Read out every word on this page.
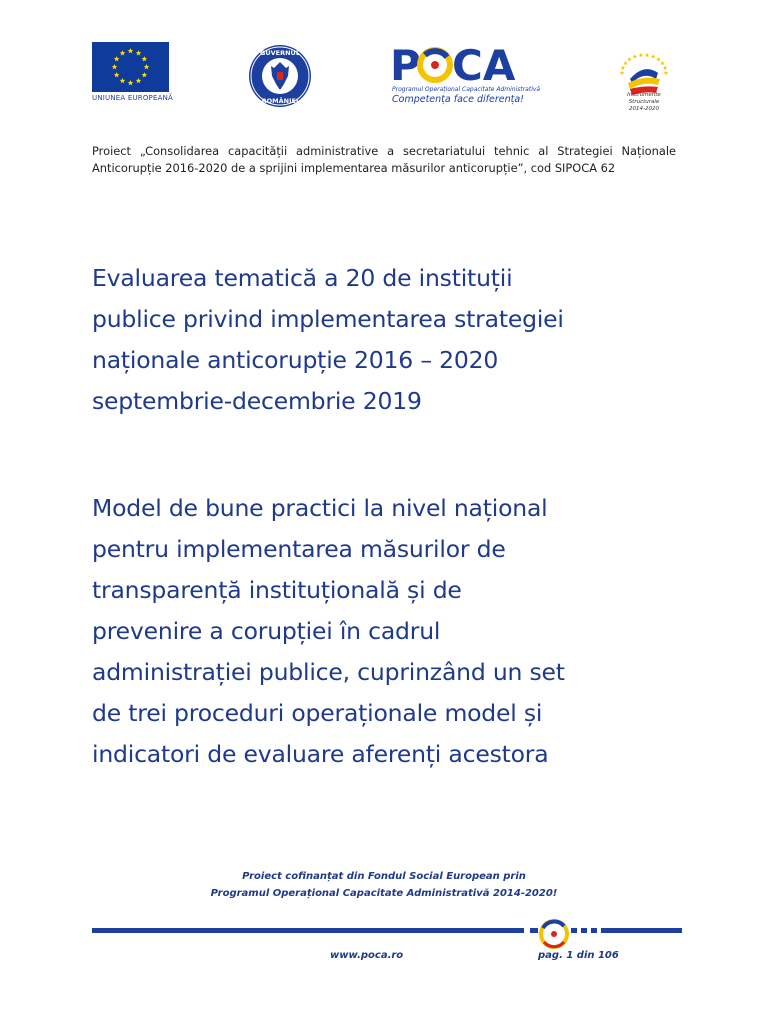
UNIUNEA EUROPEANĂ
GUVERNUL
ROMÂNIEI
P CA
Programul Operațional Capacitate Administrativă
Competența face diferența!	Instrumente Structurale
2014-2020

Proiect „Consolidarea capacității administrative a secretariatului tehnic al Strategiei Naționale Anticorupție 2016-2020 de a sprijini implementarea măsurilor anticorupție”, cod SIPOCA 62

Evaluarea tematică a 20 de instituții
publice privind implementarea strategiei
naționale anticorupție 2016 – 2020
septembrie-decembrie 2019
Model de bune practici la nivel național
pentru implementarea măsurilor de
transparență instituțională și de
prevenire a corupției în cadrul
administrației publice, cuprinzând un set
de trei proceduri operaționale model și
indicatori de evaluare aferenți acestora

Proiect cofinanțat din Fondul Social European prin
Programul Operațional Capacitate Administrativă 2014-2020!

www.poca.ro	pag. 1 din 106
